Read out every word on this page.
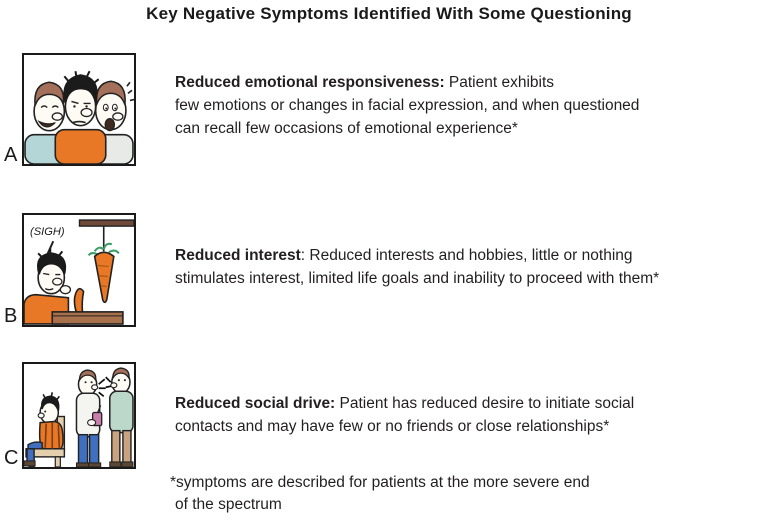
Key Negative Symptoms Identified With Some Questioning
A
Reduced emotional responsiveness: Patient exhibits
few emotions or changes in facial expression, and when questioned
can recall few occasions of emotional experience*
(SIGH)
B
Reduced interest: Reduced interests and hobbies, little or nothing
stimulates interest, limited life goals and inability to proceed with them*
C
Reduced social drive: Patient has reduced desire to initiate social
contacts and may have few or no friends or close relationships*
*symptoms are described for patients at the more severe end
of the spectrum
